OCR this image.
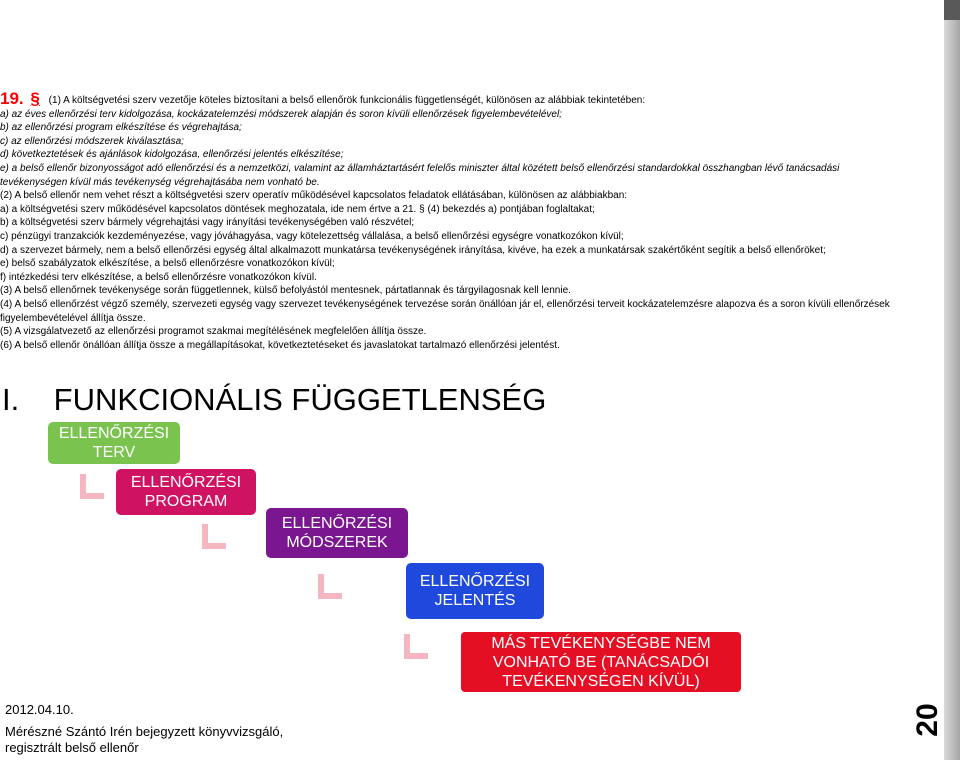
19. § (1) A költségvetési szerv vezetője köteles biztosítani a belső ellenőrök funkcionális függetlenségét, különösen az alábbiak tekintetében:

a) az éves ellenőrzési terv kidolgozása, kockázatelemzési módszerek alapján és soron kívüli ellenőrzések figyelembevételével;

b) az ellenőrzési program elkészítése és végrehajtása;

c) az ellenőrzési módszerek kiválasztása;

d) következtetések és ajánlások kidolgozása, ellenőrzési jelentés elkészítése;

e) a belső ellenőr bizonyosságot adó ellenőrzési és a nemzetközi, valamint az államháztartásért felelős miniszter által közétett belső ellenőrzési standardokkal összhangban lévő tanácsadási tevékenységen kívül más tevékenység végrehajtásába nem vonható be.

(2) A belső ellenőr nem vehet részt a költségvetési szerv operatív működésével kapcsolatos feladatok ellátásában, különösen az alábbiakban:

a) a költségvetési szerv működésével kapcsolatos döntések meghozatala, ide nem értve a 21. § (4) bekezdés a) pontjában foglaltakat;

b) a költségvetési szerv bármely végrehajtási vagy irányítási tevékenységében való részvétel;

c) pénzügyi tranzakciók kezdeményezése, vagy jóváhagyása, vagy kötelezettség vállalása, a belső ellenőrzési egységre vonatkozókon kívül;

d) a szervezet bármely, nem a belső ellenőrzési egység által alkalmazott munkatársa tevékenységének irányítása, kivéve, ha ezek a munkatársak szakértőként segítik a belső ellenőröket;

e) belső szabályzatok elkészítése, a belső ellenőrzésre vonatkozókon kívül;

f) intézkedési terv elkészítése, a belső ellenőrzésre vonatkozókon kívül.

(3) A belső ellenőrnek tevékenysége során függetlennek, külső befolyástól mentesnek, pártatlannak és tárgyilagosnak kell lennie.

(4) A belső ellenőrzést végző személy, szervezeti egység vagy szervezet tevékenységének tervezése során önállóan jár el, ellenőrzési terveit kockázatelemzésre alapozva és a soron kívüli ellenőrzések figyelembevételével állítja össze.

(5) A vizsgálatvezető az ellenőrzési programot szakmai megítélésének megfelelően állítja össze.

(6) A belső ellenőr önállóan állítja össze a megállapításokat, következtetéseket és javaslatokat tartalmazó ellenőrzési jelentést.

I.    FUNKCIONÁLIS FÜGGETLENSÉG
ELLENŐRZÉSI
TERV
ELLENŐRZÉSI
PROGRAM
ELLENŐRZÉSI
MÓDSZEREK
ELLENŐRZÉSI
JELENTÉS
MÁS TEVÉKENYSÉGBE NEM
VONHATÓ BE (TANÁCSADÓI
TEVÉKENYSÉGEN KÍVÜL)
2012.04.10.
Mérészné Szántó Irén bejegyzett könyvvizsgáló,
regisztrált belső ellenőr
20
